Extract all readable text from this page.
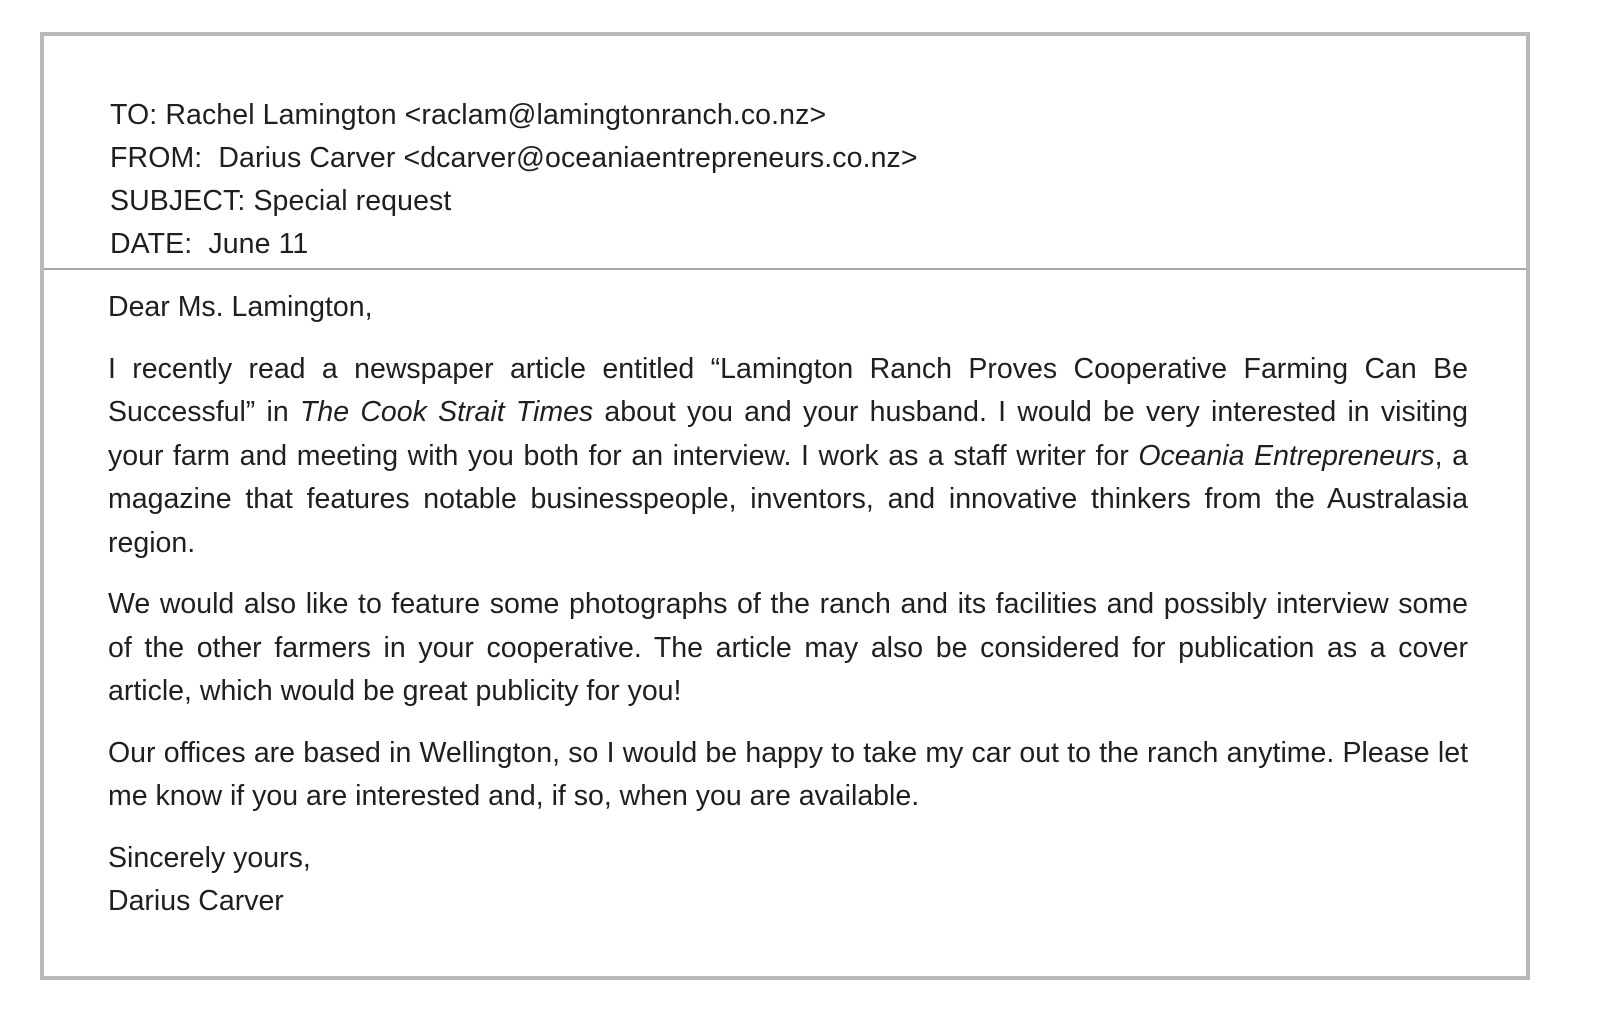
TO: Rachel Lamington <raclam@lamingtonranch.co.nz>
FROM: Darius Carver <dcarver@oceaniaentrepreneurs.co.nz>
SUBJECT: Special request
DATE: June 11

Dear Ms. Lamington,

I recently read a newspaper article entitled “Lamington Ranch Proves Cooperative Farming Can Be Successful” in The Cook Strait Times about you and your husband. I would be very interested in visiting your farm and meeting with you both for an interview. I work as a staff writer for Oceania Entrepreneurs, a magazine that features notable businesspeople, inventors, and innovative thinkers from the Australasia region.

We would also like to feature some photographs of the ranch and its facilities and possibly interview some of the other farmers in your cooperative. The article may also be considered for publication as a cover article, which would be great publicity for you!

Our offices are based in Wellington, so I would be happy to take my car out to the ranch anytime. Please let me know if you are interested and, if so, when you are available.

Sincerely yours,

Darius Carver
